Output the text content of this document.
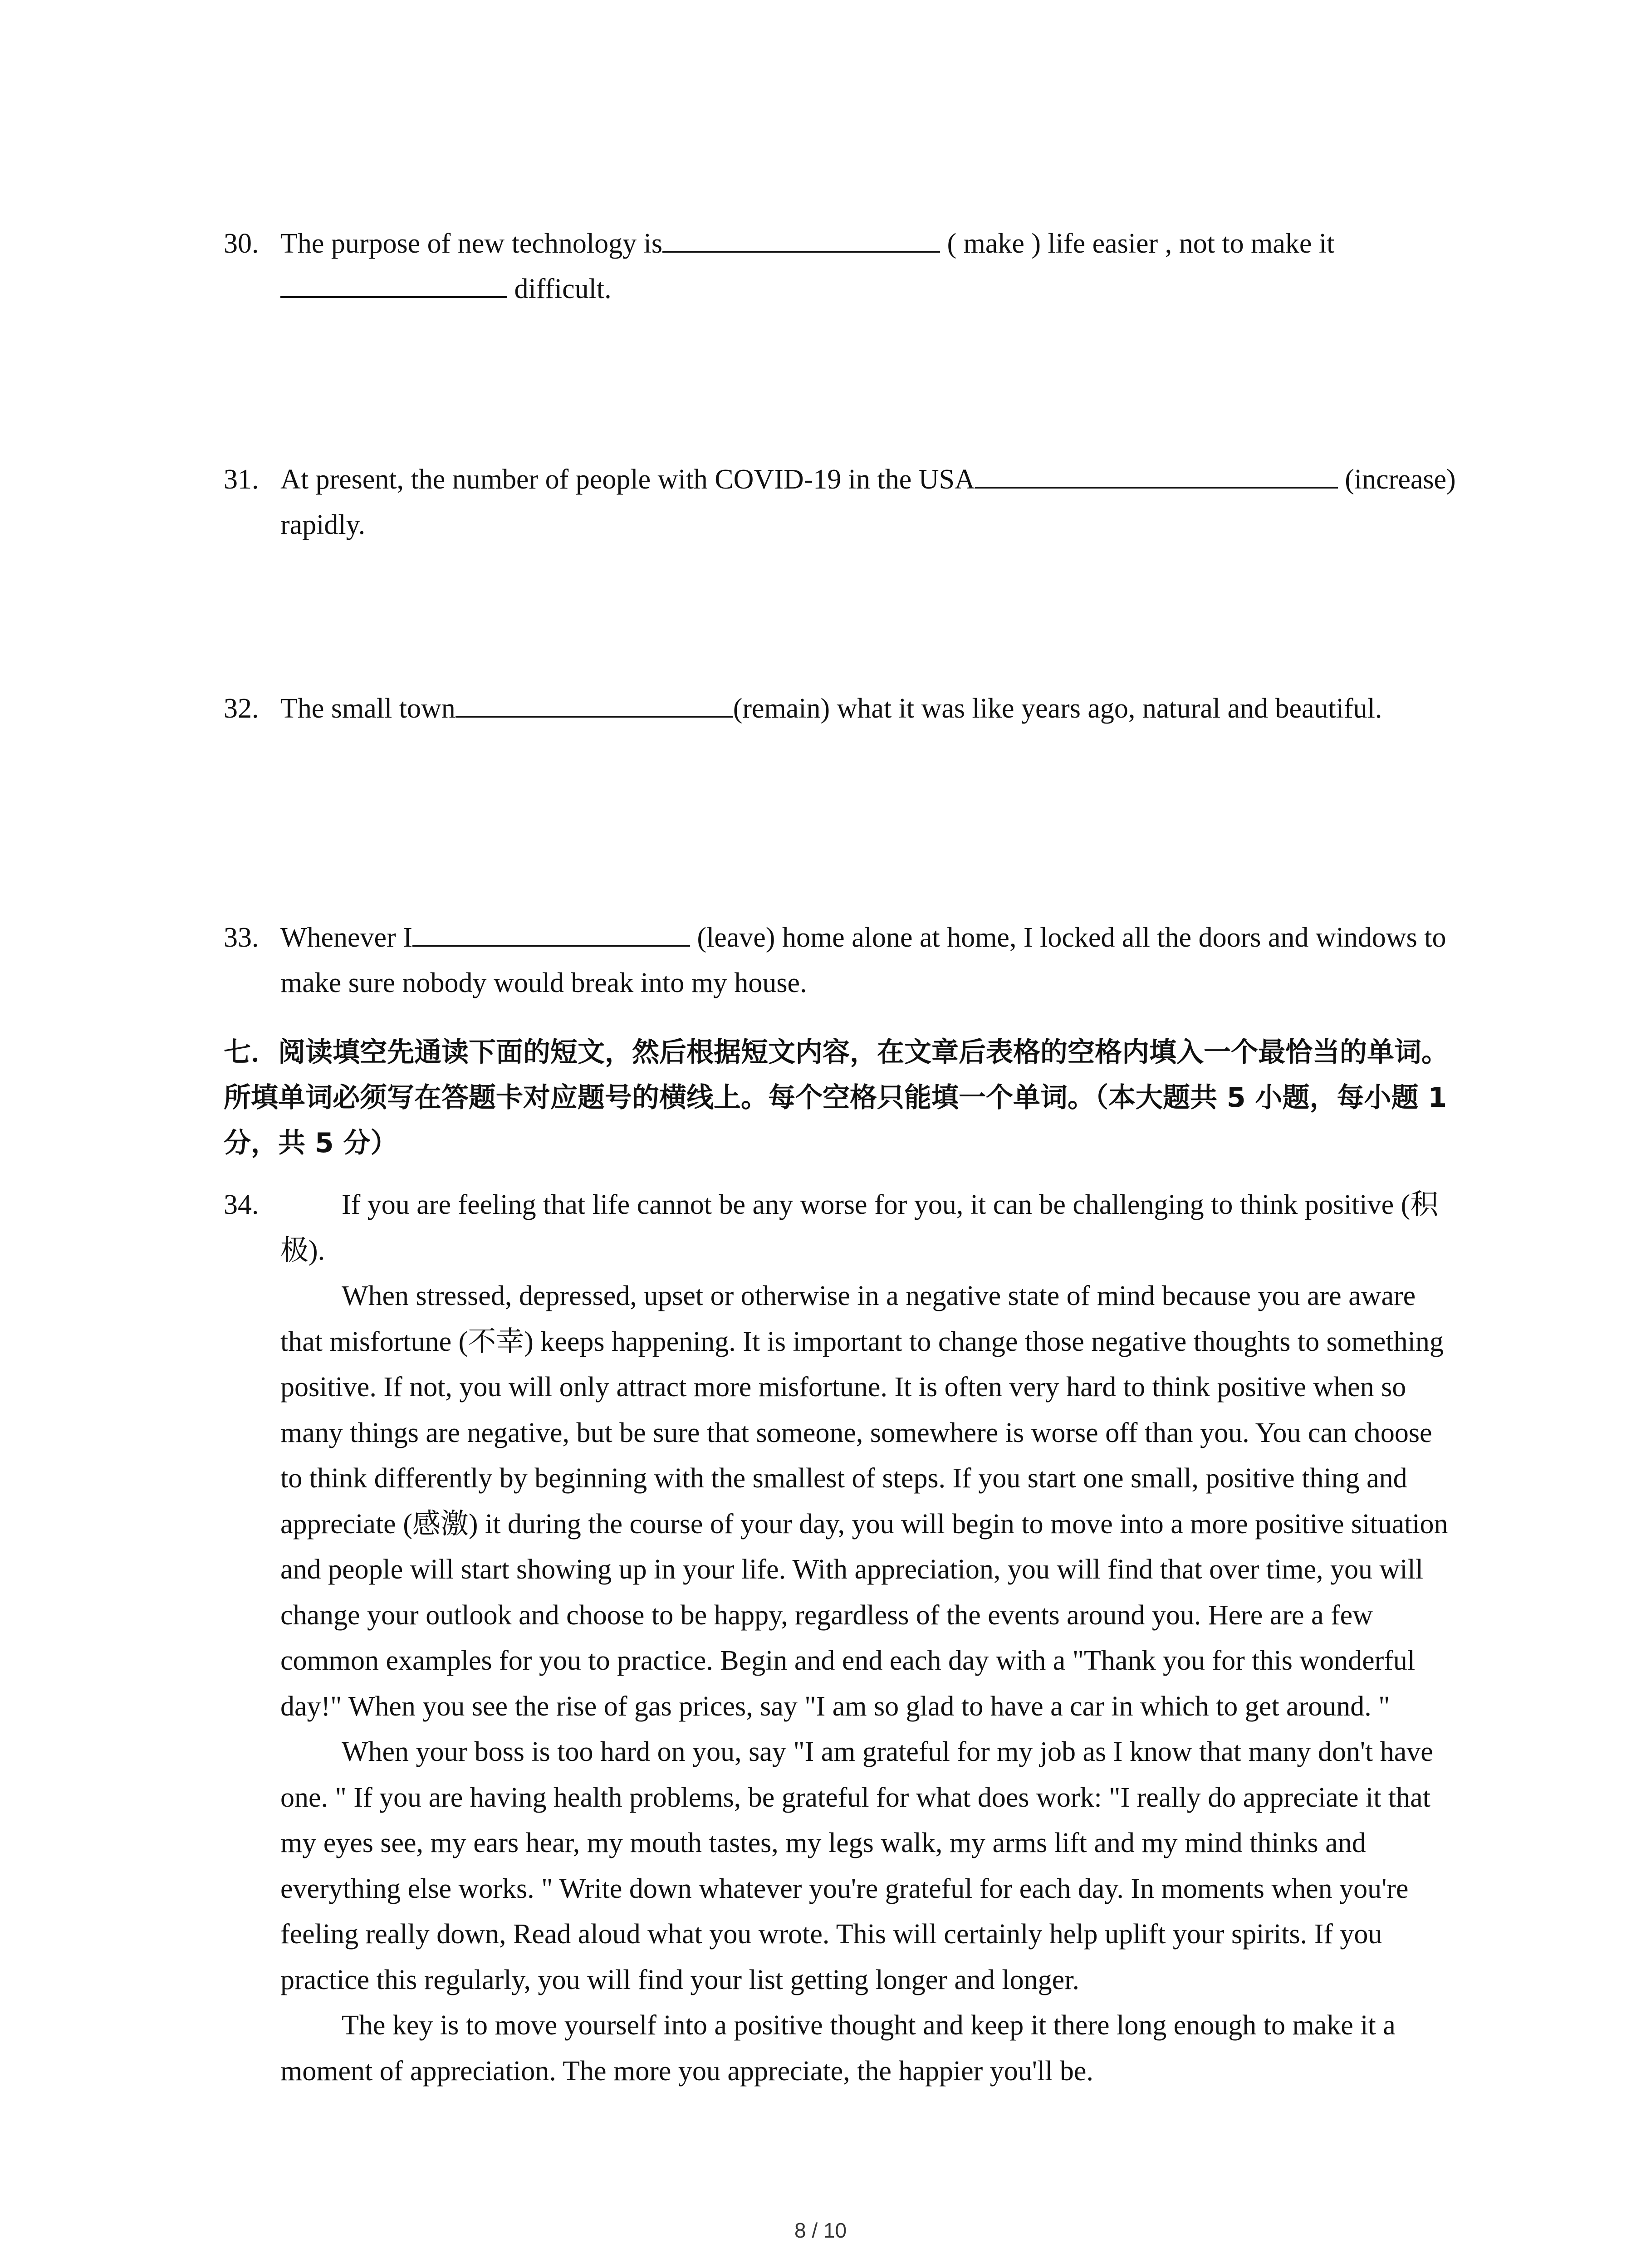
30. The purpose of new technology is	( make ) life easier , not to make it difficult.
31. At present, the number of people with COVID-19 in the USA	(increase) rapidly.
32. The small town	(remain) what it was like years ago, natural and beautiful.
33. Whenever I	(leave) home alone at home, I locked all the doors and windows to make sure nobody would break into my house.
七．阅读填空先通读下面的短文，然后根据短文内容，在文章后表格的空格内填入一个最恰当的单词。所填单词必须写在答题卡对应题号的横线上。每个空格只能填一个单词。（本大题共 5 小题，每小题 1 分，共 5 分）
34.	If you are feeling that life cannot be any worse for you, it can be challenging to think positive (积极).

When stressed, depressed, upset or otherwise in a negative state of mind because you are aware that misfortune (不幸) keeps happening. It is important to change those negative thoughts to something positive. If not, you will only attract more misfortune. It is often very hard to think positive when so many things are negative, but be sure that someone, somewhere is worse off than you. You can choose to think differently by beginning with the smallest of steps. If you start one small, positive thing and appreciate (感激) it during the course of your day, you will begin to move into a more positive situation and people will start showing up in your life. With appreciation, you will find that over time, you will change your outlook and choose to be happy, regardless of the events around you. Here are a few common examples for you to practice. Begin and end each day with a "Thank you for this wonderful day!" When you see the rise of gas prices, say "I am so glad to have a car in which to get around. "

When your boss is too hard on you, say "I am grateful for my job as I know that many don't have one. " If you are having health problems, be grateful for what does work: "I really do appreciate it that my eyes see, my ears hear, my mouth tastes, my legs walk, my arms lift and my mind thinks and everything else works. " Write down whatever you're grateful for each day. In moments when you're feeling really down, Read aloud what you wrote. This will certainly help uplift your spirits. If you practice this regularly, you will find your list getting longer and longer.

The key is to move yourself into a positive thought and keep it there long enough to make it a moment of appreciation. The more you appreciate, the happier you'll be.

8 / 10
